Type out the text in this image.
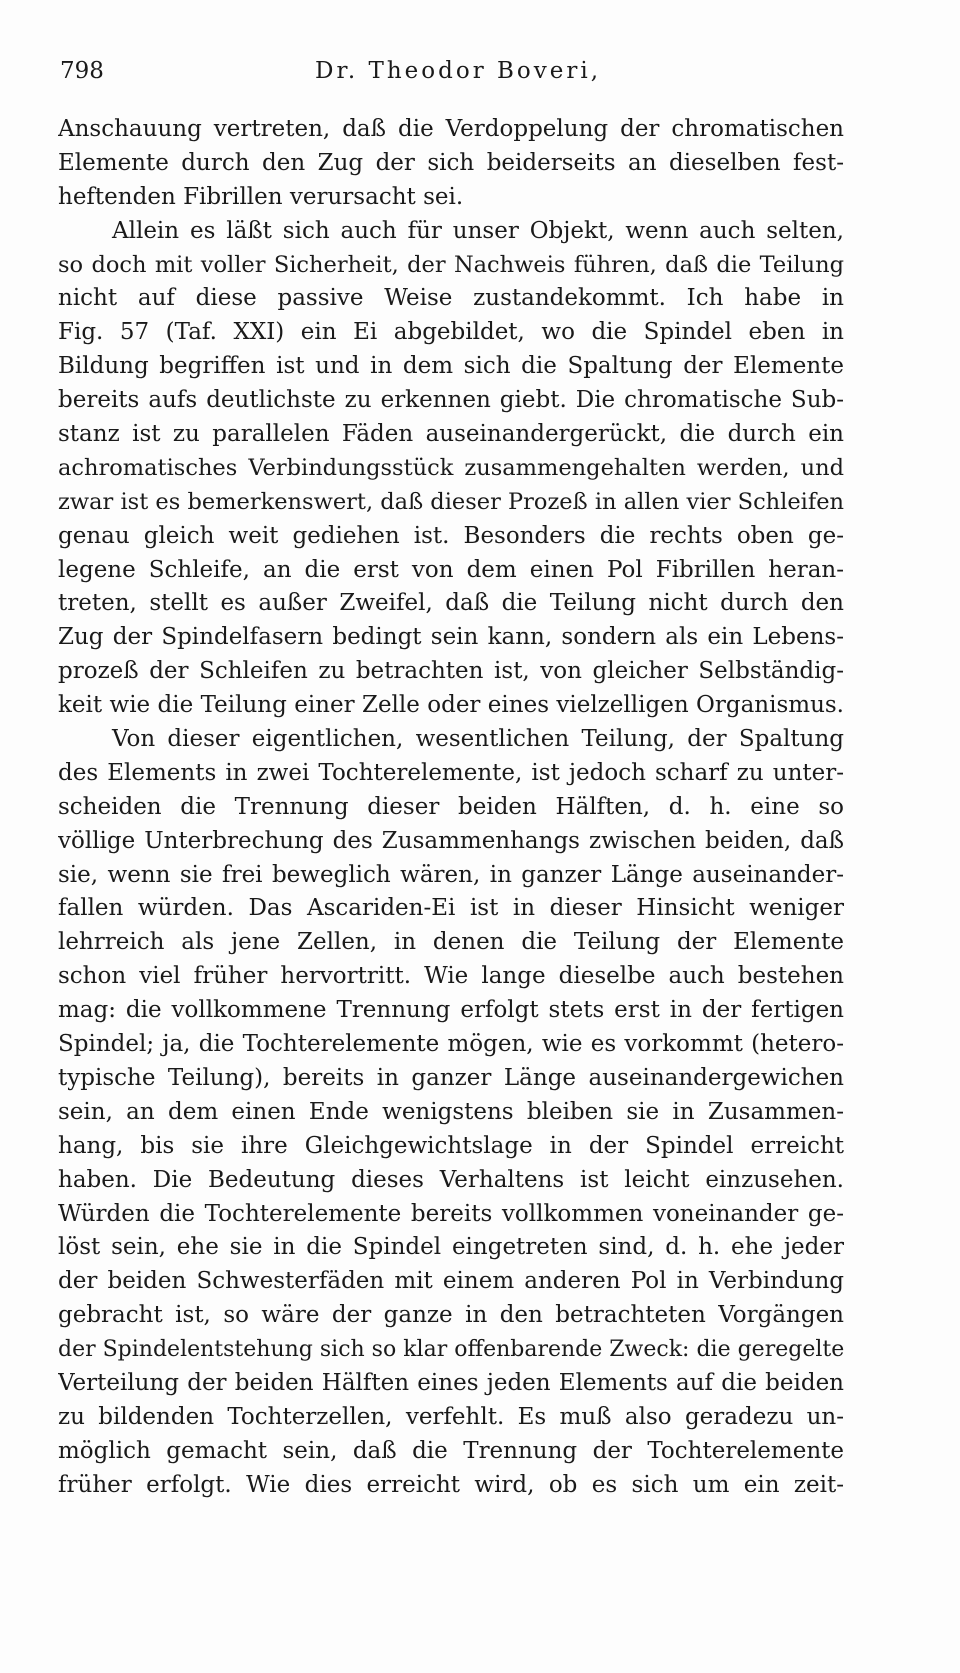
798	Dr. Theodor Boveri,
Anschauung vertreten, daß die Verdoppelung der chromatischen
Elemente durch den Zug der sich beiderseits an dieselben fest-
heftenden Fibrillen verursacht sei.
Allein es läßt sich auch für unser Objekt, wenn auch selten,
so doch mit voller Sicherheit, der Nachweis führen, daß die Teilung
nicht auf diese passive Weise zustandekommt. Ich habe in
Fig. 57 (Taf. XXI) ein Ei abgebildet, wo die Spindel eben in
Bildung begriffen ist und in dem sich die Spaltung der Elemente
bereits aufs deutlichste zu erkennen giebt. Die chromatische Sub-
stanz ist zu parallelen Fäden auseinandergerückt, die durch ein
achromatisches Verbindungsstück zusammengehalten werden, und
zwar ist es bemerkenswert, daß dieser Prozeß in allen vier Schleifen
genau gleich weit gediehen ist. Besonders die rechts oben ge-
legene Schleife, an die erst von dem einen Pol Fibrillen heran-
treten, stellt es außer Zweifel, daß die Teilung nicht durch den
Zug der Spindelfasern bedingt sein kann, sondern als ein Lebens-
prozeß der Schleifen zu betrachten ist, von gleicher Selbständig-
keit wie die Teilung einer Zelle oder eines vielzelligen Organismus.
Von dieser eigentlichen, wesentlichen Teilung, der Spaltung
des Elements in zwei Tochterelemente, ist jedoch scharf zu unter-
scheiden die Trennung dieser beiden Hälften, d. h. eine so
völlige Unterbrechung des Zusammenhangs zwischen beiden, daß
sie, wenn sie frei beweglich wären, in ganzer Länge auseinander-
fallen würden. Das Ascariden-Ei ist in dieser Hinsicht weniger
lehrreich als jene Zellen, in denen die Teilung der Elemente
schon viel früher hervortritt. Wie lange dieselbe auch bestehen
mag: die vollkommene Trennung erfolgt stets erst in der fertigen
Spindel; ja, die Tochterelemente mögen, wie es vorkommt (hetero-
typische Teilung), bereits in ganzer Länge auseinandergewichen
sein, an dem einen Ende wenigstens bleiben sie in Zusammen-
hang, bis sie ihre Gleichgewichtslage in der Spindel erreicht
haben. Die Bedeutung dieses Verhaltens ist leicht einzusehen.
Würden die Tochterelemente bereits vollkommen voneinander ge-
löst sein, ehe sie in die Spindel eingetreten sind, d. h. ehe jeder
der beiden Schwesterfäden mit einem anderen Pol in Verbindung
gebracht ist, so wäre der ganze in den betrachteten Vorgängen
der Spindelentstehung sich so klar offenbarende Zweck: die geregelte
Verteilung der beiden Hälften eines jeden Elements auf die beiden
zu bildenden Tochterzellen, verfehlt. Es muß also geradezu un-
möglich gemacht sein, daß die Trennung der Tochterelemente
früher erfolgt. Wie dies erreicht wird, ob es sich um ein zeit-
